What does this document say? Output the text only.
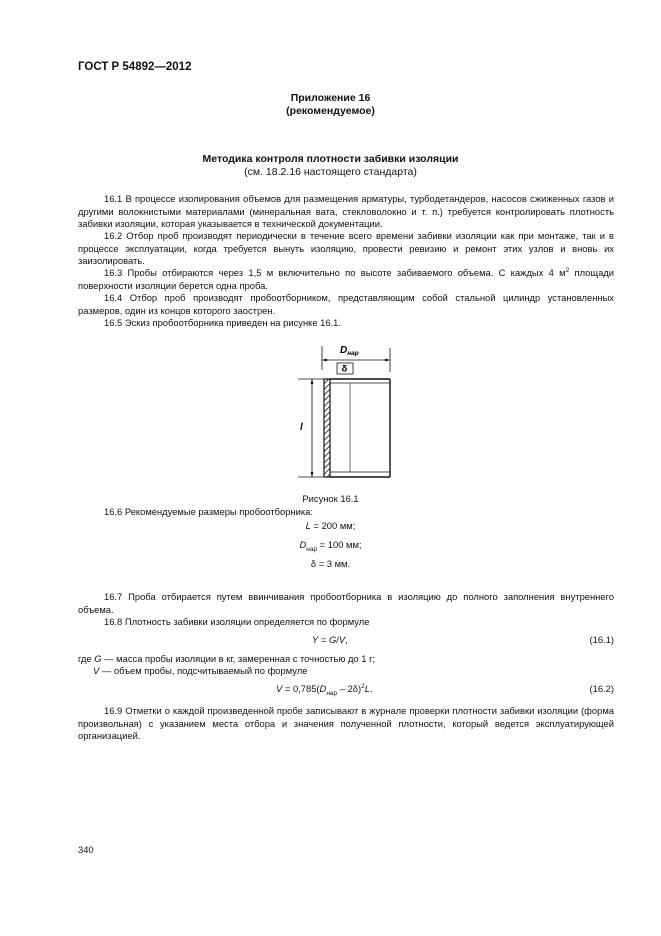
ГОСТ Р 54892—2012
Приложение 16
(рекомендуемое)
Методика контроля плотности забивки изоляции
(см. 18.2.16 настоящего стандарта)
16.1 В процессе изолирования объемов для размещения арматуры, турбодетандеров, насосов сжиженных газов и другими волокнистыми материалами (минеральная вата, стекловолокно и т. п.) требуется контролировать плотность забивки изоляции, которая указывается в технической документации.
16.2 Отбор проб производят периодически в течение всего времени забивки изоляции как при монтаже, так и в процессе эксплуатации, когда требуется вынуть изоляцию, провести ревизию и ремонт этих узлов и вновь их заизолировать.
16.3 Пробы отбираются через 1,5 м включительно по высоте забиваемого объема. С каждых 4 $м^2$ площади поверхности изоляции берется одна проба.
16.4 Отбор проб производят пробоотборником, представляющим собой стальной цилиндр установленных размеров, один из концов которого заострен.
16.5 Эскиз пробоотборника приведен на рисунке 16.1.
$D_{нар}$
δ
l
Рисунок 16.1
16.6 Рекомендуемые размеры пробоотборника:
L = 200 мм;
$D_{нар} = 100$ мм;
δ = 3 мм.
16.7 Проба отбирается путем ввинчивания пробоотборника в изоляцию до полного заполнения внутреннего объема.
16.8 Плотность забивки изоляции определяется по формуле
Y = G/V,	(16.1)
где G — масса пробы изоляции в кг, замеренная с точностью до 1 г;
V — объем пробы, подсчитываемый по формуле
$V = 0,785(D_{нар} - 2\delta)^2L$.	(16.2)
16.9 Отметки о каждой произведенной пробе записывают в журнале проверки плотности забивки изоляции (форма произвольная) с указанием места отбора и значения полученной плотности, который ведется эксплуатирующей организацией.
340
